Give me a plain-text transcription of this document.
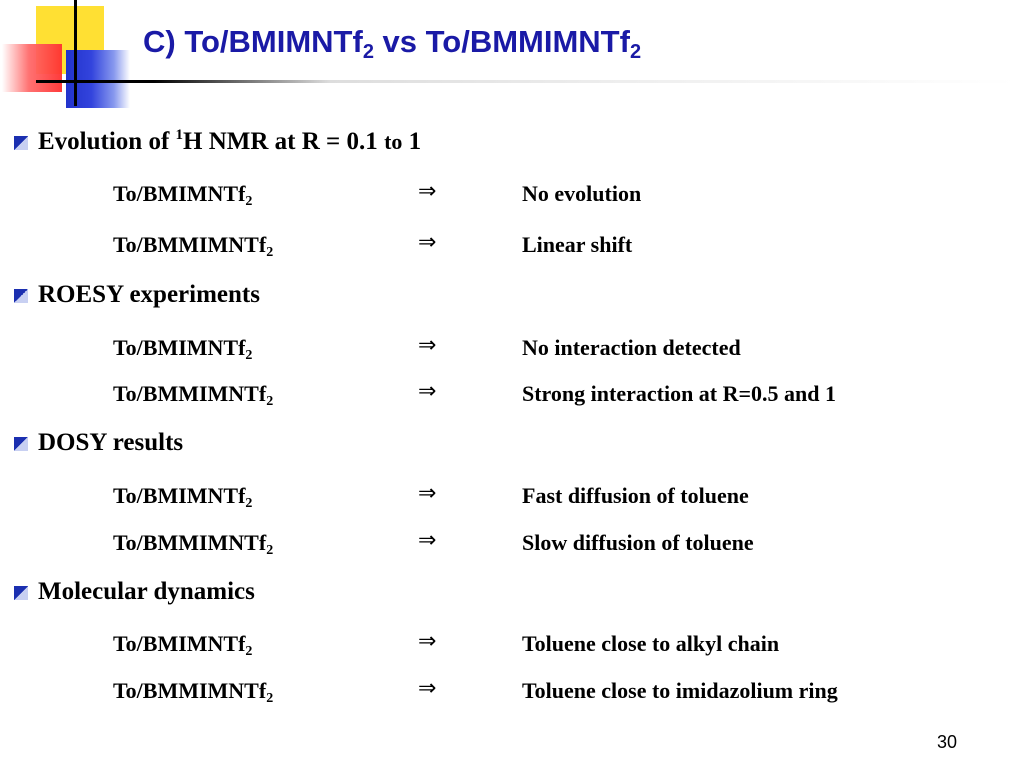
C) To/BMIMNTf$_2$ vs To/BMMIMNTf$_2$
Evolution of $^1$H NMR at R = 0.1 to 1
To/BMIMNTf$_2$	⇒	No evolution
To/BMMIMNTf$_2$	⇒	Linear shift
ROESY experiments
To/BMIMNTf$_2$	⇒	No interaction detected
To/BMMIMNTf$_2$	⇒	Strong interaction at R=0.5 and 1
DOSY results
To/BMIMNTf$_2$	⇒	Fast diffusion of toluene
To/BMMIMNTf$_2$	⇒	Slow diffusion of toluene
Molecular dynamics
To/BMIMNTf$_2$	⇒	Toluene close to alkyl chain
To/BMMIMNTf$_2$	⇒	Toluene close to imidazolium ring
30
